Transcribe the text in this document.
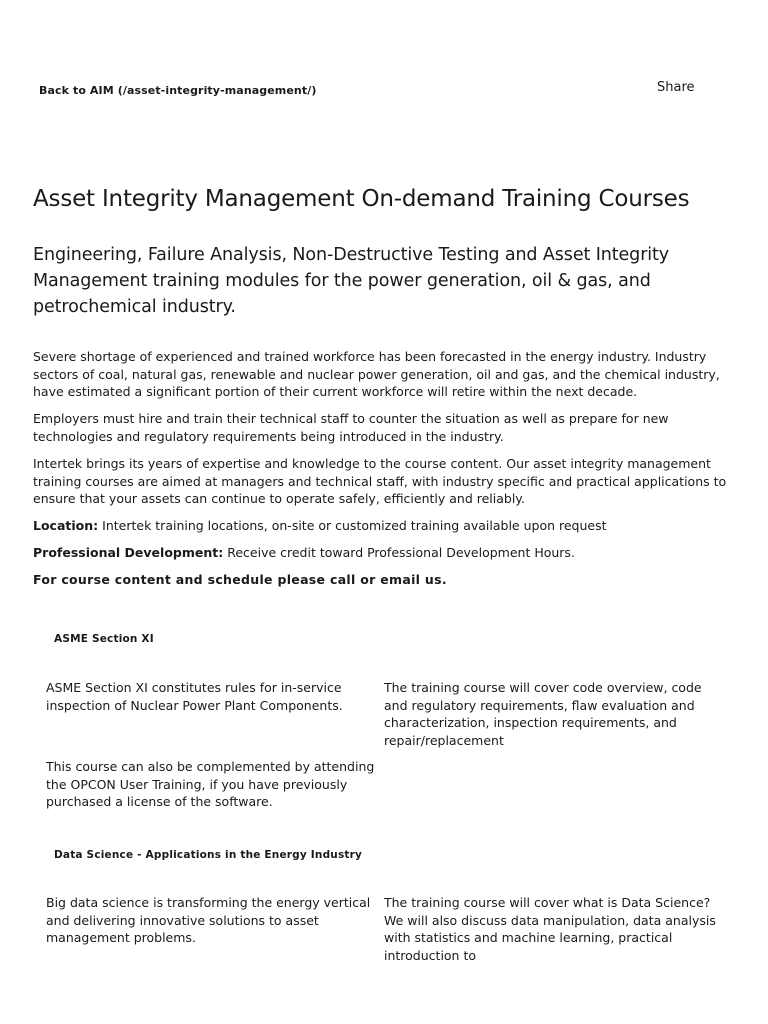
Back to AIM (/asset-integrity-management/)	Share
Asset Integrity Management On-demand Training Courses
Engineering, Failure Analysis, Non-Destructive Testing and Asset Integrity Management training modules for the power generation, oil & gas, and petrochemical industry.

Severe shortage of experienced and trained workforce has been forecasted in the energy industry. Industry sectors of coal, natural gas, renewable and nuclear power generation, oil and gas, and the chemical industry, have estimated a significant portion of their current workforce will retire within the next decade.

Employers must hire and train their technical staff to counter the situation as well as prepare for new technologies and regulatory requirements being introduced in the industry.

Intertek brings its years of expertise and knowledge to the course content. Our asset integrity management training courses are aimed at managers and technical staff, with industry specific and practical applications to ensure that your assets can continue to operate safely, efficiently and reliably.

Location: Intertek training locations, on-site or customized training available upon request

Professional Development: Receive credit toward Professional Development Hours.

For course content and schedule please call or email us.

ASME Section XI

ASME Section XI constitutes rules for in-service inspection of Nuclear Power Plant Components.

The training course will cover code overview, code and regulatory requirements, flaw evaluation and characterization, inspection requirements, and repair/replacement

This course can also be complemented by attending the OPCON User Training, if you have previously purchased a license of the software.

Data Science - Applications in the Energy Industry

Big data science is transforming the energy vertical and delivering innovative solutions to asset management problems.

The training course will cover what is Data Science? We will also discuss data manipulation, data analysis with statistics and machine learning, practical introduction to
